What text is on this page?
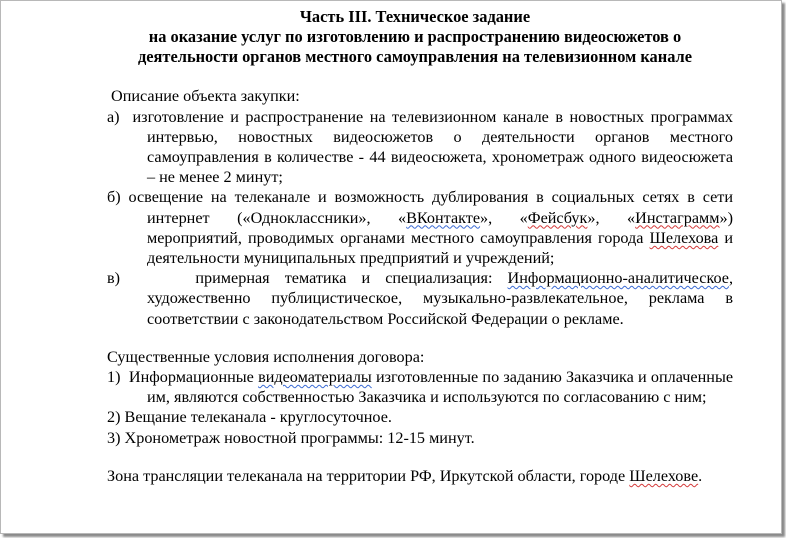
Часть III. Техническое задание
на оказание услуг по изготовлению и распространению видеосюжетов о
деятельности органов местного самоуправления на телевизионном канале
Описание объекта закупки:
а) изготовление и распространение на телевизионном канале в новостных программах интервью, новостных видеосюжетов о деятельности органов местного самоуправления в количестве - 44 видеосюжета, хронометраж одного видеосюжета – не менее 2 минут;
б) освещение на телеканале и возможность дублирования в социальных сетях в сети интернет («Одноклассники», «ВКонтакте», «Фейсбук», «Инстаграмм») мероприятий, проводимых органами местного самоуправления города Шелехова и деятельности муниципальных предприятий и учреждений;
в)	примерная тематика и специализация: Информационно-аналитическое, художественно публицистическое, музыкально-развлекательное, реклама в соответствии с законодательством Российской Федерации о рекламе.
Существенные условия исполнения договора:
1) Информационные видеоматериалы изготовленные по заданию Заказчика и оплаченные им, являются собственностью Заказчика и используются по согласованию с ним;
2) Вещание телеканала - круглосуточное.
3) Хронометраж новостной программы: 12-15 минут.
Зона трансляции телеканала на территории РФ, Иркутской области, городе Шелехове.
